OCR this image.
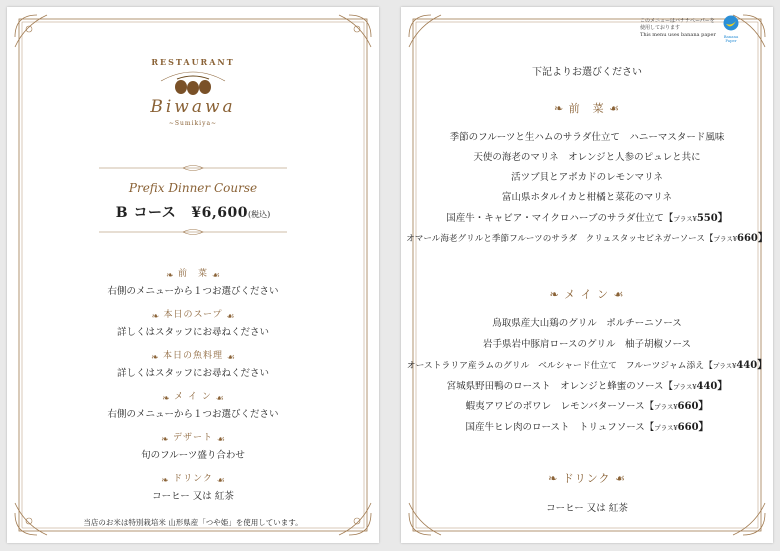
RESTAURANT
Biwawa
~Sumikiya~
Prefix Dinner Course
B コース ¥6,600(税込)
❧ 前　菜 ☙
右側のメニューから１つお選びください
❧ 本日のスープ ☙
詳しくはスタッフにお尋ねください
❧ 本日の魚料理 ☙
詳しくはスタッフにお尋ねください
❧ メ イ ン ☙
右側のメニューから１つお選びください
❧ デザート ☙
旬のフルーツ盛り合わせ
❧ ドリンク ☙
コーヒー 又は 紅茶
当店のお米は特別栽培米 山形県産「つや姫」を使用しています。
このメニューはバナナペーパーを
使用しております
This menu uses banana paper	Banana Paper
下記よりお選びください
❧ 前　菜 ☙
季節のフルーツと生ハムのサラダ仕立て　ハニーマスタード風味
天使の海老のマリネ　オレンジと人参のピュレと共に
活ツブ貝とアボカドのレモンマリネ
富山県ホタルイカと柑橘と菜花のマリネ
国産牛・キャビア・マイクロハーブのサラダ仕立て【プラス¥550】
オマール海老グリルと季節フルーツのサラダ　クリュスタッセビネガーソース【プラス¥660】
❧ メ イ ン ☙
鳥取県産大山鶏のグリル　ポルチーニソース
岩手県岩中豚肩ロースのグリル　柚子胡椒ソース
オーストラリア産ラムのグリル　ベルシャード仕立て　フルーツジャム添え【プラス¥440】
宮城県野田鴨のロースト　オレンジと蜂蜜のソース【プラス¥440】
蝦夷アワビのポワレ　レモンバターソース【プラス¥660】
国産牛ヒレ肉のロースト　トリュフソース【プラス¥660】
❧ ドリンク ☙
コーヒー 又は 紅茶
